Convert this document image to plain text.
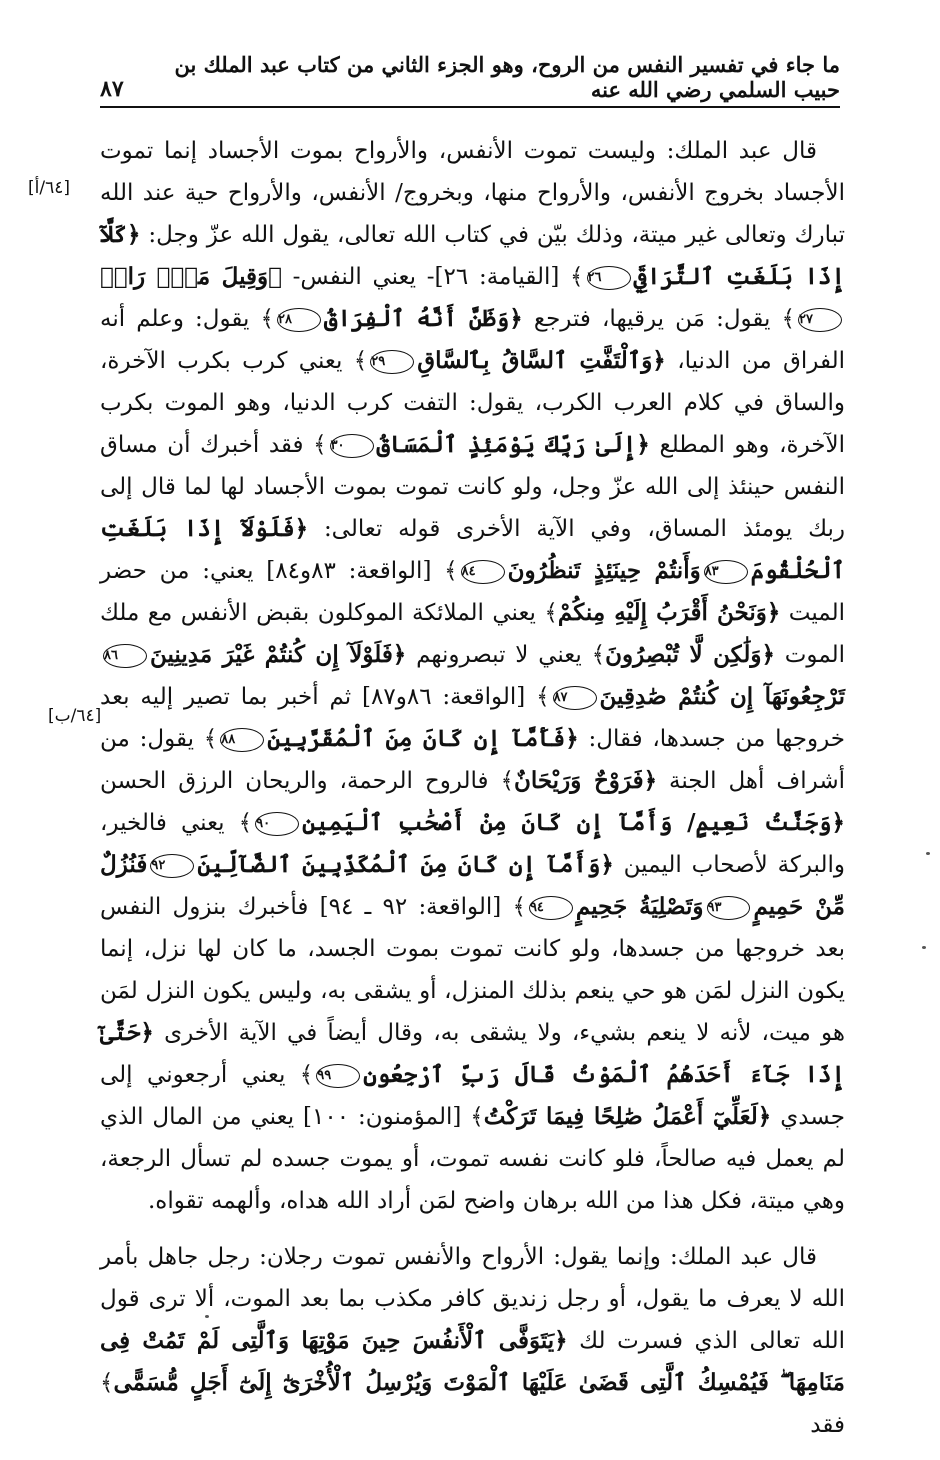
ما جاء في تفسير النفس من الروح، وهو الجزء الثاني من كتاب عبد الملك بن حبيب السلمي رضي الله عنه
٨٧
[٦٤/أ]
[٦٤/ب]

قال عبد الملك: وليست تموت الأنفس، والأرواح بموت الأجساد إنما تموت الأجساد بخروج الأنفس، والأرواح منها، وبخروج/ الأنفس، والأرواح حية عند الله تبارك وتعالى غير ميتة، وذلك بيّن في كتاب الله تعالى، يقول الله عزّ وجل: ﴿كَلَّآ إِذَا بَلَغَتِ ٱلتَّرَاقِيَ٢٦﴾ [القيامة: ٢٦]- يعني النفس- ﴿وَقِيلَ مَنْۜ رَاقٖ٢٧﴾ يقول: مَن يرقيها، فترجع ﴿وَظَنَّ أَنَّهُ ٱلْفِرَاقُ٢٨﴾ يقول: وعلم أنه الفراق من الدنيا، ﴿وَٱلْتَفَّتِ ٱلسَّاقُ بِٱلسَّاقِ٢٩﴾ يعني كرب بكرب الآخرة، والساق في كلام العرب الكرب، يقول: التفت كرب الدنيا، وهو الموت بكرب الآخرة، وهو المطلع ﴿إِلَىٰ رَبِّكَ يَوْمَئِذٍ ٱلْمَسَاقُ٣٠﴾ فقد أخبرك أن مساق النفس حينئذ إلى الله عزّ وجل، ولو كانت تموت بموت الأجساد لها لما قال إلى ربك يومئذ المساق، وفي الآية الأخرى قوله تعالى: ﴿فَلَوْلَآ إِذَا بَلَغَتِ ٱلْحُلْقُومَ٨٣وَأَنتُمْ حِينَئِذٍ تَنظُرُونَ٨٤﴾ [الواقعة: ٨٣و٨٤] يعني: من حضر الميت ﴿وَنَحْنُ أَقْرَبُ إِلَيْهِ مِنكُمْ﴾ يعني الملائكة الموكلون بقبض الأنفس مع ملك الموت ﴿وَلَٰكِن لَّا تُبْصِرُونَ﴾ يعني لا تبصرونهم ﴿فَلَوْلَآ إِن كُنتُمْ غَيْرَ مَدِينِينَ٨٦تَرْجِعُونَهَآ إِن كُنتُمْ صَٰدِقِينَ٨٧﴾ [الواقعة: ٨٦و٨٧] ثم أخبر بما تصير إليه بعد خروجها من جسدها، فقال: ﴿فَأَمَّآ إِن كَانَ مِنَ ٱلْمُقَرَّبِينَ٨٨﴾ يقول: من أشراف أهل الجنة ﴿فَرَوْحٌ وَرَيْحَانٌ﴾ فالروح الرحمة، والريحان الرزق الحسن ﴿وَجَنَّتُ نَعِيمٍ/ وَأَمَّآ إِن كَانَ مِنْ أَصْحَٰبِ ٱلْيَمِينِ٩٠﴾ يعني فالخير، والبركة لأصحاب اليمين ﴿وَأَمَّآ إِن كَانَ مِنَ ٱلْمُكَذِّبِينَ ٱلضَّآلِّينَ٩٢فَنُزُلٌ مِّنْ حَمِيمٍ٩٣وَتَصْلِيَةُ جَحِيمٍ٩٤﴾ [الواقعة: ٩٢ ـ ٩٤] فأخبرك بنزول النفس بعد خروجها من جسدها، ولو كانت تموت بموت الجسد، ما كان لها نزل، إنما يكون النزل لمَن هو حي ينعم بذلك المنزل، أو يشقى به، وليس يكون النزل لمَن هو ميت، لأنه لا ينعم بشيء، ولا يشقى به، وقال أيضاً في الآية الأخرى ﴿حَتَّىٰٓ إِذَا جَآءَ أَحَدَهُمُ ٱلْمَوْتُ قَالَ رَبِّ ٱرْجِعُونِ٩٩﴾ يعني أرجعوني إلى جسدي ﴿لَعَلِّيٓ أَعْمَلُ صَٰلِحًا فِيمَا تَرَكْتُ﴾ [المؤمنون: ١٠٠] يعني من المال الذي لم يعمل فيه صالحاً، فلو كانت نفسه تموت، أو يموت جسده لم تسأل الرجعة، وهي ميتة، فكل هذا من الله برهان واضح لمَن أراد الله هداه، وألهمه تقواه.

قال عبد الملك: وإنما يقول: الأرواح والأنفس تموت رجلان: رجل جاهل بأمر الله لا يعرف ما يقول، أو رجل زنديق كافر مكذب بما بعد الموت، ألا ترى قول الله تعالى الذي فسرت لك ﴿يَتَوَفَّى ٱلْأَنفُسَ حِينَ مَوْتِهَا وَٱلَّتِى لَمْ تَمُتْ فِى مَنَامِهَا ۖ فَيُمْسِكُ ٱلَّتِى قَضَىٰ عَلَيْهَا ٱلْمَوْتَ وَيُرْسِلُ ٱلْأُخْرَىٰٓ إِلَىٰٓ أَجَلٍ مُّسَمًّى﴾ فقد
